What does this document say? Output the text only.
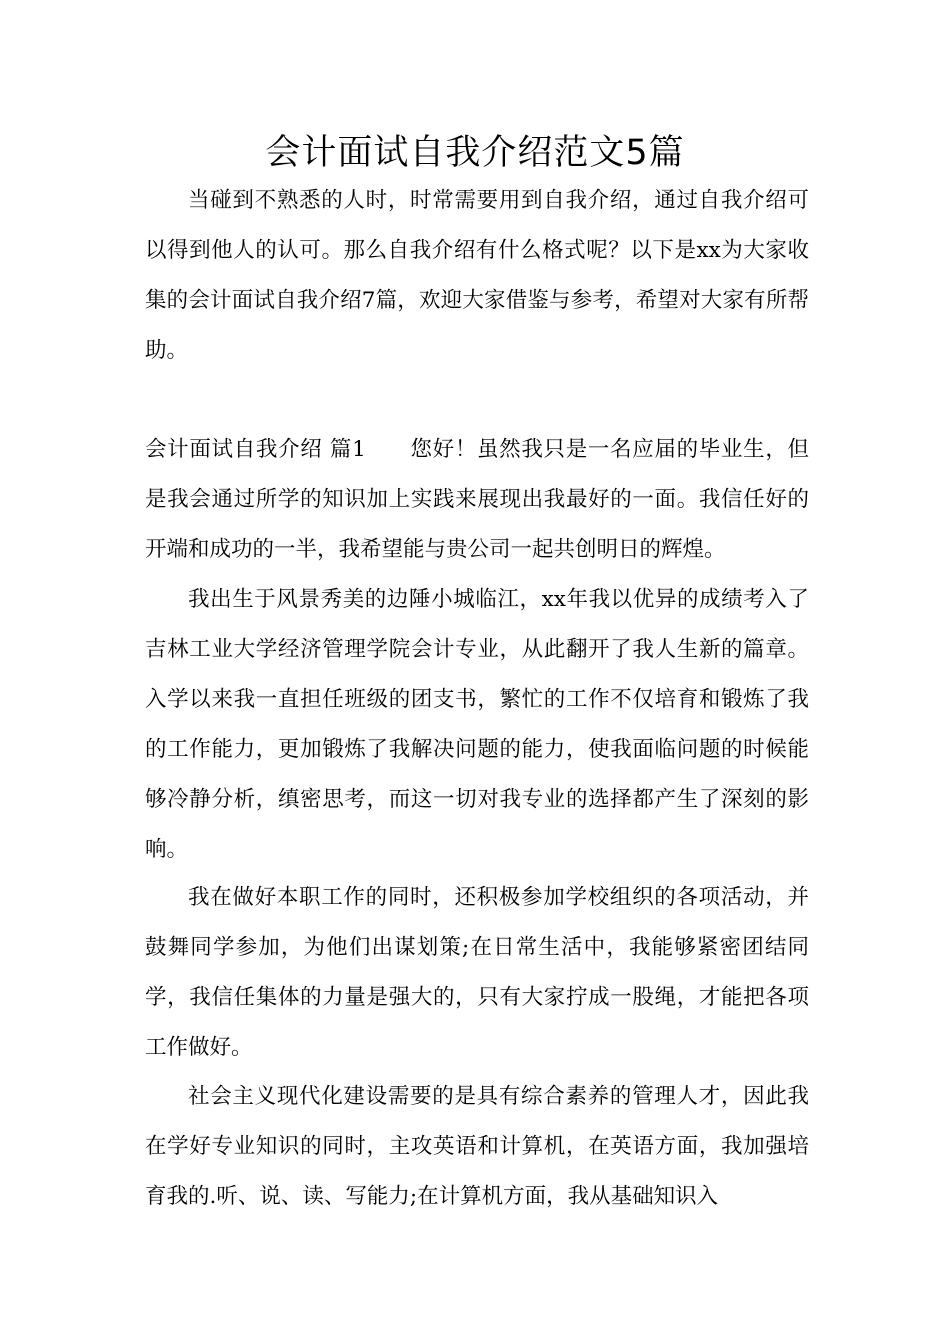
会计面试自我介绍范文5篇

当碰到不熟悉的人时，时常需要用到自我介绍，通过自我介绍可以得到他人的认可。那么自我介绍有什么格式呢？以下是xx为大家收集的会计面试自我介绍7篇，欢迎大家借鉴与参考，希望对大家有所帮助。

会计面试自我介绍 篇1 您好！虽然我只是一名应届的毕业生，但是我会通过所学的知识加上实践来展现出我最好的一面。我信任好的开端和成功的一半，我希望能与贵公司一起共创明日的辉煌。

我出生于风景秀美的边陲小城临江，xx年我以优异的成绩考入了吉林工业大学经济管理学院会计专业，从此翻开了我人生新的篇章。入学以来我一直担任班级的团支书，繁忙的工作不仅培育和锻炼了我的工作能力，更加锻炼了我解决问题的能力，使我面临问题的时候能够冷静分析，缜密思考，而这一切对我专业的选择都产生了深刻的影响。

我在做好本职工作的同时，还积极参加学校组织的各项活动，并鼓舞同学参加，为他们出谋划策;在日常生活中，我能够紧密团结同学，我信任集体的力量是强大的，只有大家拧成一股绳，才能把各项工作做好。

社会主义现代化建设需要的是具有综合素养的管理人才，因此我在学好专业知识的同时，主攻英语和计算机，在英语方面，我加强培育我的.听、说、读、写能力;在计算机方面，我从基础知识入
